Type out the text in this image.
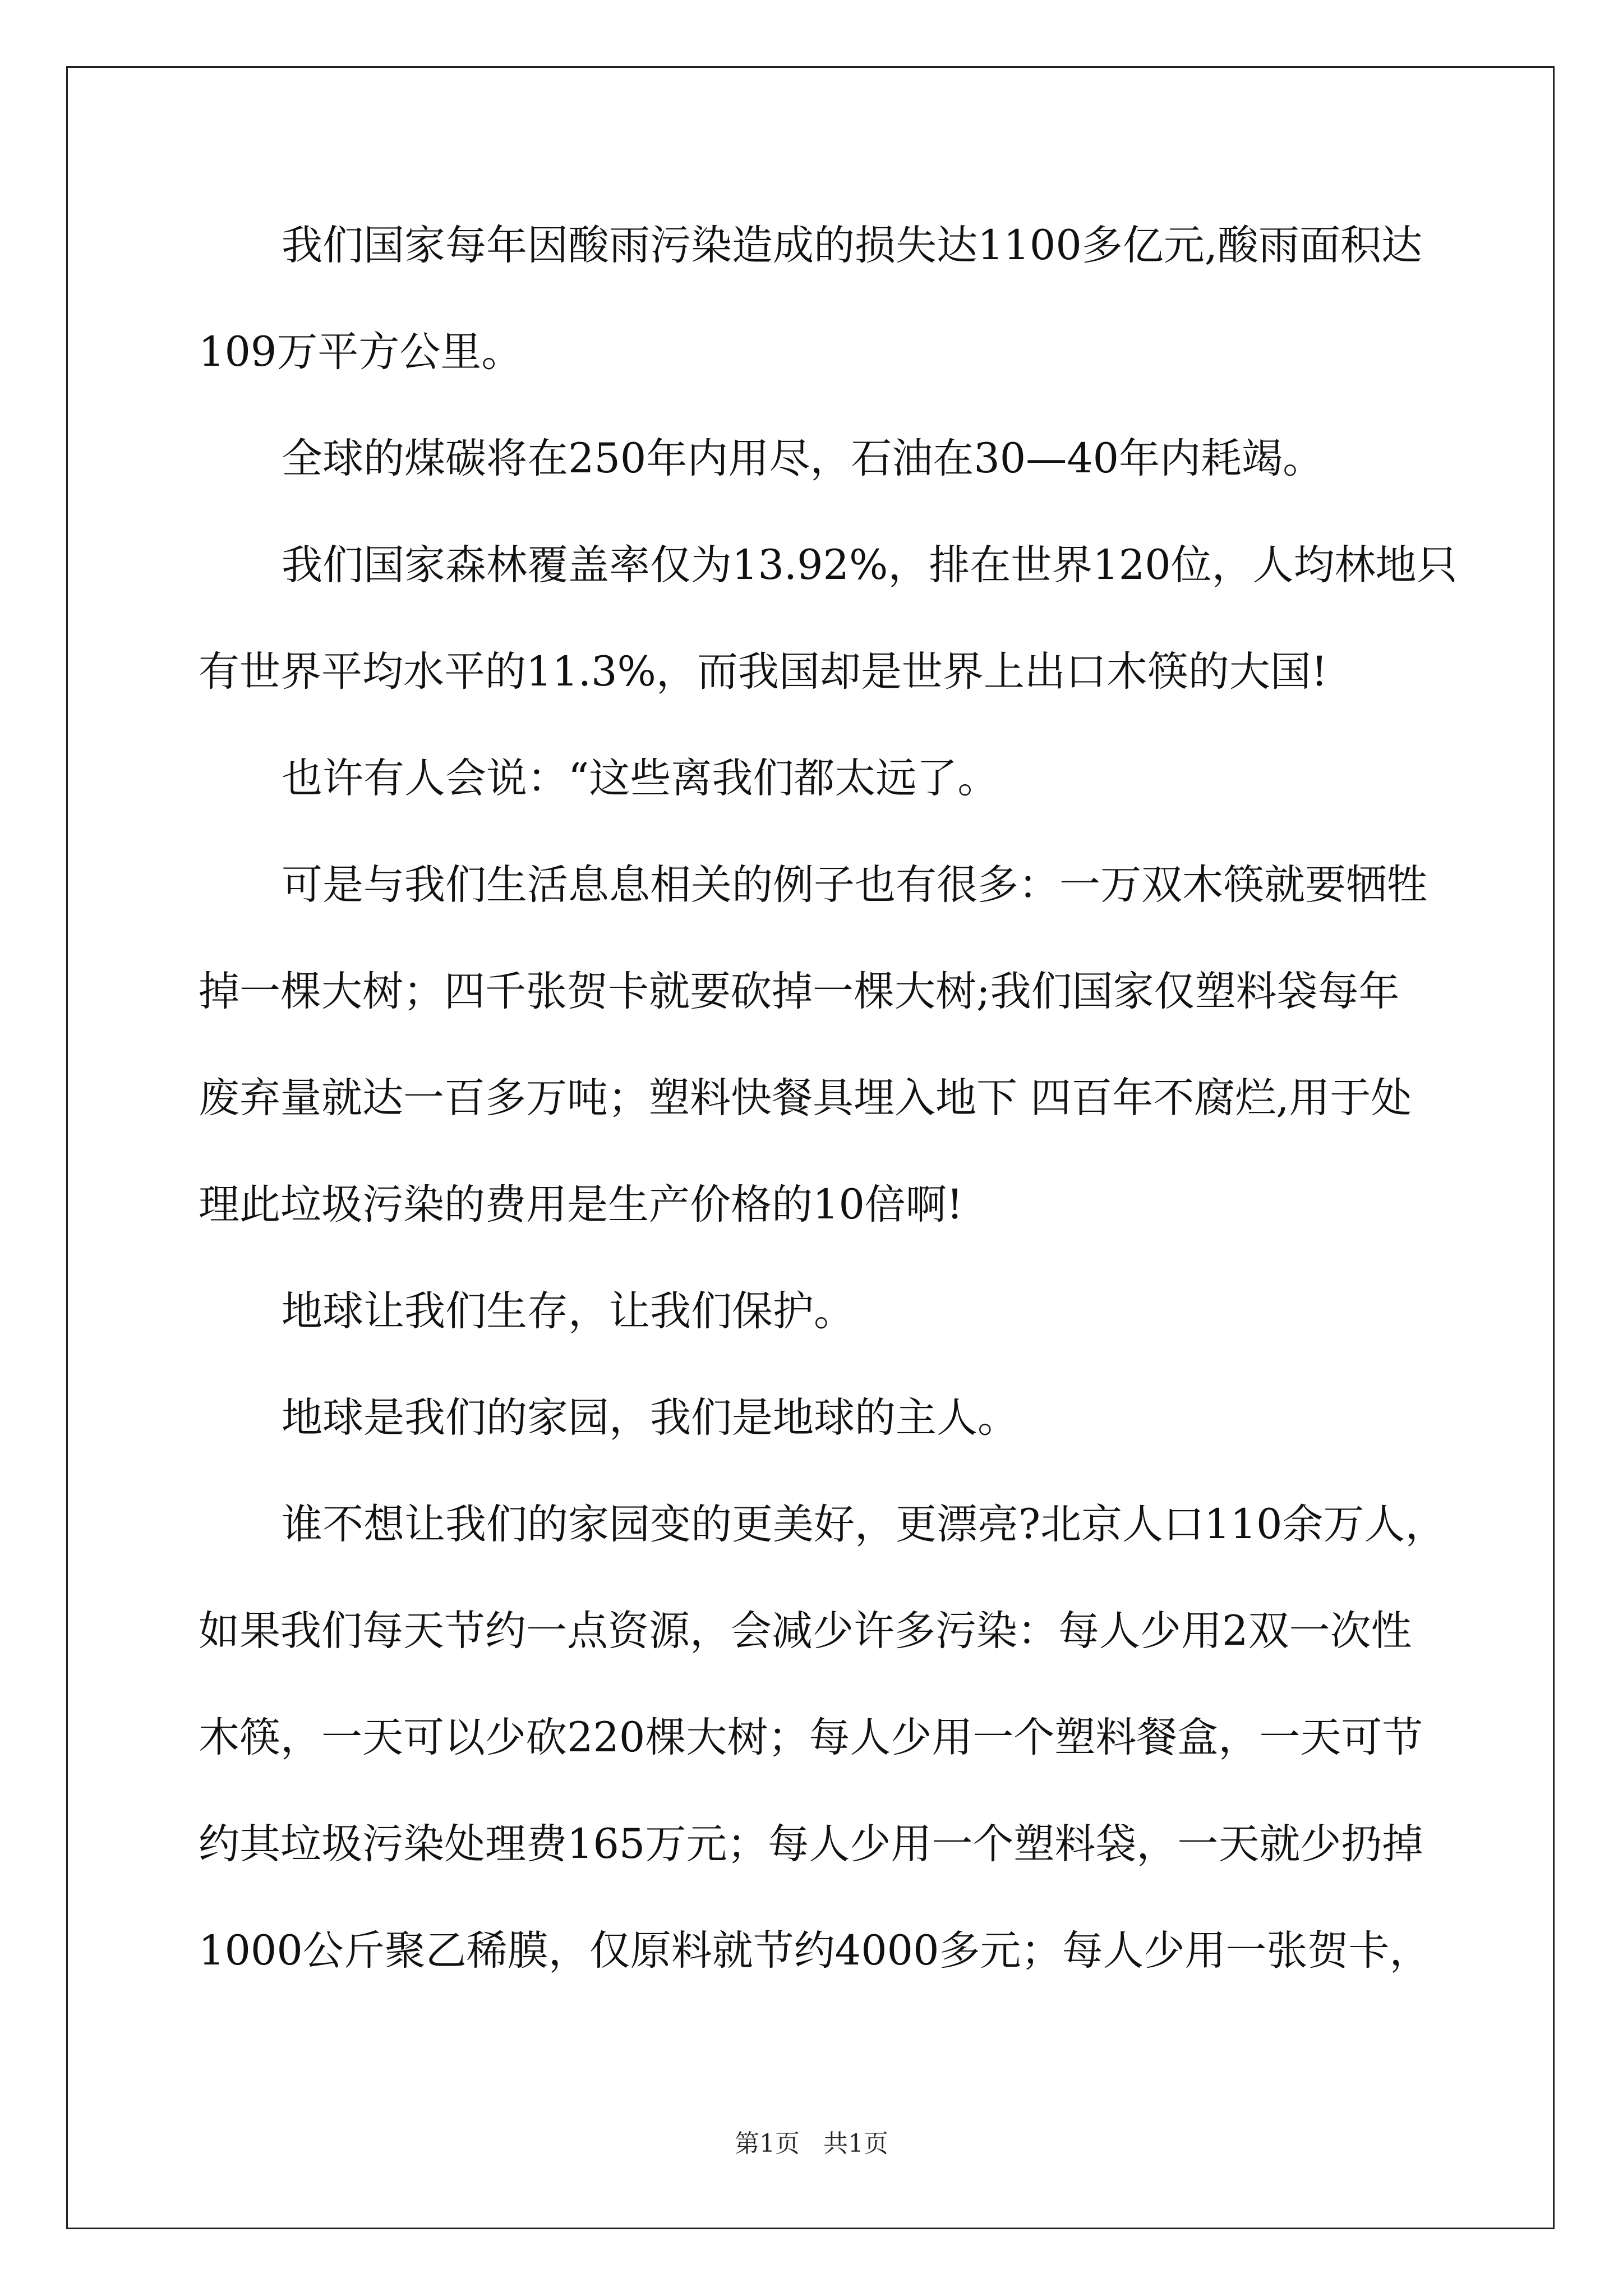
我们国家每年因酸雨污染造成的损失达1100多亿元,酸雨面积达
109万平方公里。
全球的煤碳将在250年内用尽，石油在30—40年内耗竭。
我们国家森林覆盖率仅为13.92%，排在世界120位，人均林地只
有世界平均水平的11.3%，而我国却是世界上出口木筷的大国!
也许有人会说：“这些离我们都太远了。
可是与我们生活息息相关的例子也有很多：一万双木筷就要牺牲
掉一棵大树；四千张贺卡就要砍掉一棵大树;我们国家仅塑料袋每年
废弃量就达一百多万吨；塑料快餐具埋入地下 四百年不腐烂,用于处
理此垃圾污染的费用是生产价格的10倍啊!
地球让我们生存，让我们保护。
地球是我们的家园，我们是地球的主人。
谁不想让我们的家园变的更美好，更漂亮?北京人口110余万人，
如果我们每天节约一点资源，会减少许多污染：每人少用2双一次性
木筷，一天可以少砍220棵大树；每人少用一个塑料餐盒，一天可节
约其垃圾污染处理费165万元；每人少用一个塑料袋，一天就少扔掉
1000公斤聚乙稀膜，仅原料就节约4000多元；每人少用一张贺卡，
第1页 共1页
